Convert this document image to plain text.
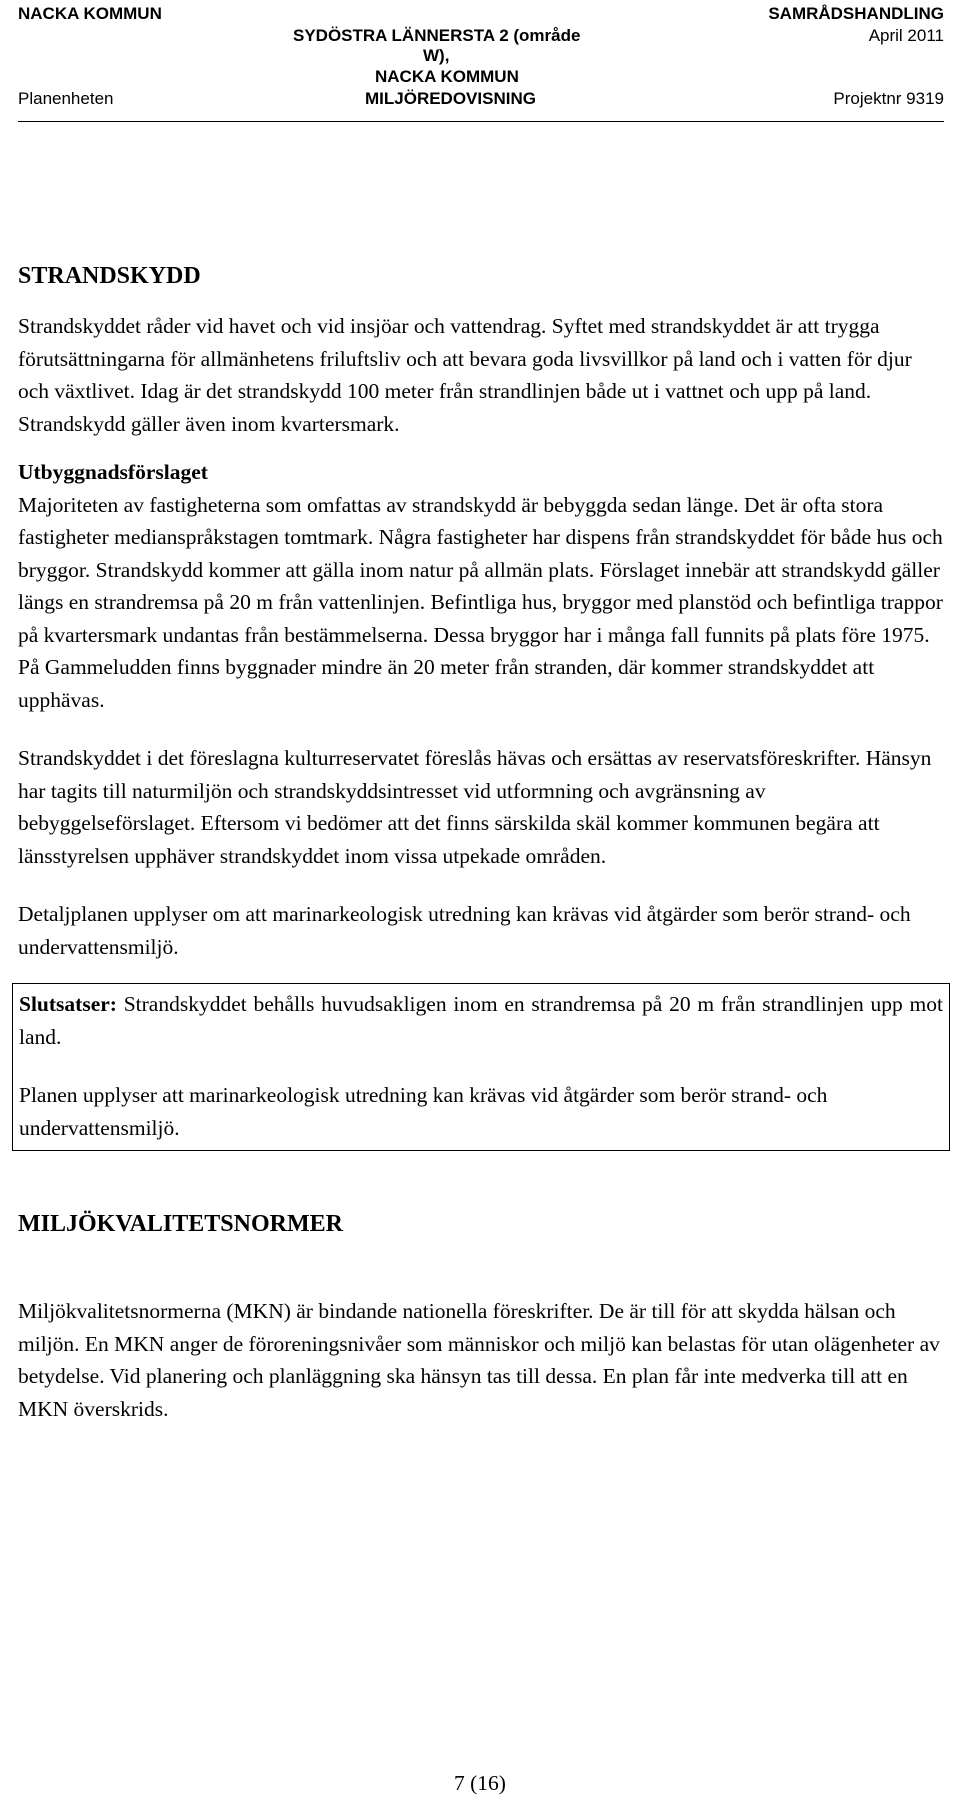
NACKA KOMMUN
Planenheten
SYDÖSTRA LÄNNERSTA 2 (område
W),
NACKA KOMMUN
MILJÖREDOVISNING
SAMRÅDSHANDLING
April 2011
Projektnr 9319
STRANDSKYDD

Strandskyddet råder vid havet och vid insjöar och vattendrag. Syftet med strandskyddet är att trygga förutsättningarna för allmänhetens friluftsliv och att bevara goda livsvillkor på land och i vatten för djur och växtlivet. Idag är det strandskydd 100 meter från strandlinjen både ut i vattnet och upp på land. Strandskydd gäller även inom kvartersmark.

Utbyggnadsförslaget

Majoriteten av fastigheterna som omfattas av strandskydd är bebyggda sedan länge. Det är ofta stora fastigheter medianspråkstagen tomtmark. Några fastigheter har dispens från strandskyddet för både hus och bryggor. Strandskydd kommer att gälla inom natur på allmän plats. Förslaget innebär att strandskydd gäller längs en strandremsa på 20 m från vattenlinjen. Befintliga hus, bryggor med planstöd och befintliga trappor på kvartersmark undantas från bestämmelserna. Dessa bryggor har i många fall funnits på plats före 1975. På Gammeludden finns byggnader mindre än 20 meter från stranden, där kommer strandskyddet att upphävas.

Strandskyddet i det föreslagna kulturreservatet föreslås hävas och ersättas av reservatsföreskrifter. Hänsyn har tagits till naturmiljön och strandskyddsintresset vid utformning och avgränsning av bebyggelseförslaget. Eftersom vi bedömer att det finns särskilda skäl kommer kommunen begära att länsstyrelsen upphäver strandskyddet inom vissa utpekade områden.

Detaljplanen upplyser om att marinarkeologisk utredning kan krävas vid åtgärder som berör strand- och undervattensmiljö.

Slutsatser: Strandskyddet behålls huvudsakligen inom en strandremsa på 20 m från strandlinjen upp mot land.

Planen upplyser att marinarkeologisk utredning kan krävas vid åtgärder som berör strand- och undervattensmiljö.

MILJÖKVALITETSNORMER

Miljökvalitetsnormerna (MKN) är bindande nationella föreskrifter. De är till för att skydda hälsan och miljön. En MKN anger de föroreningsnivåer som människor och miljö kan belastas för utan olägenheter av betydelse. Vid planering och planläggning ska hänsyn tas till dessa. En plan får inte medverka till att en MKN överskrids.

7 (16)
